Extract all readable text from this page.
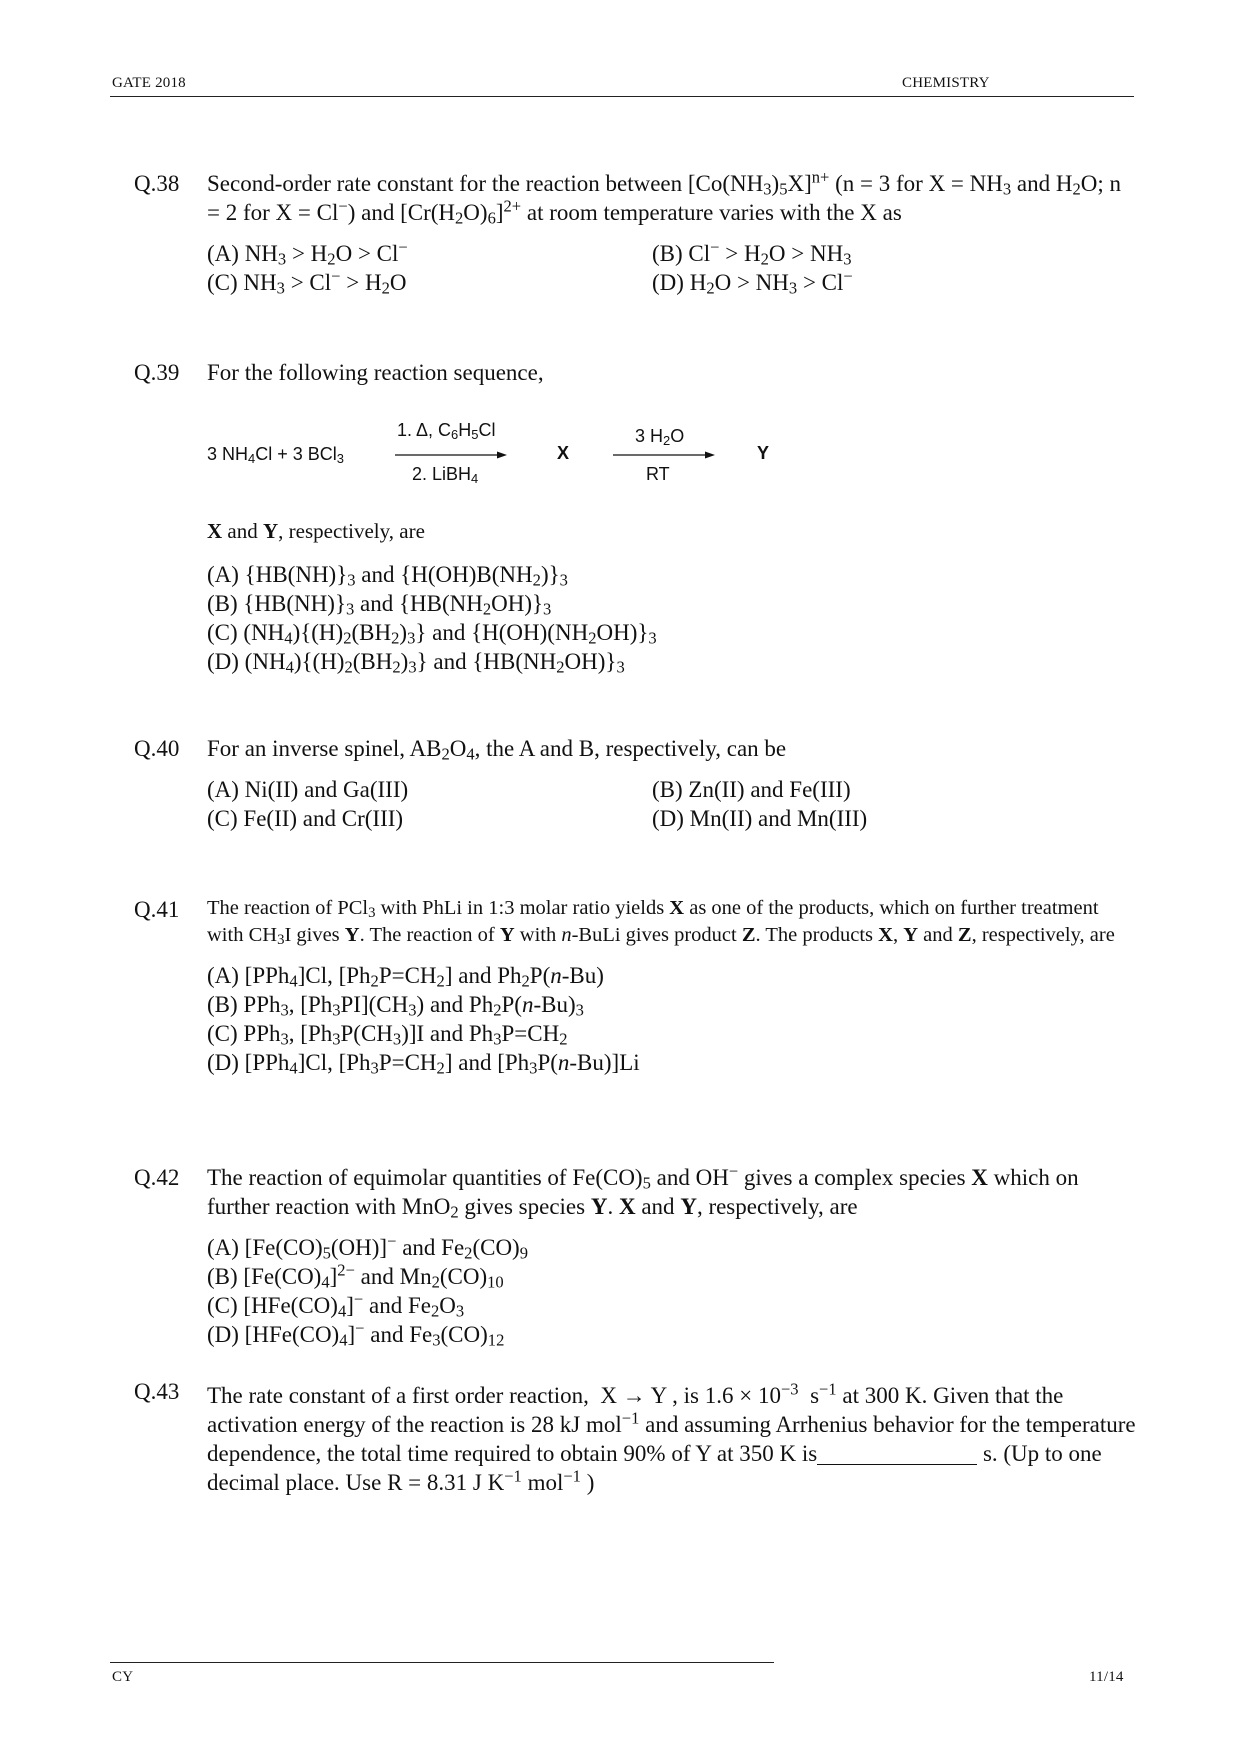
GATE 2018	CHEMISTRY
Q.38 Second-order rate constant for the reaction between $[Co(NH_3)_5X]^{n+}$ (n = 3 for $X = NH_3$ and $H_2O$; n = 2 for X = Cl−) and $[Cr(H_2O)_6]^{2+}$ at room temperature varies with the X as
(A) $NH_3 > H_2O > Cl^-$	(B) $Cl^- > H_2O > NH_3$
(C) $NH_3 > Cl^- > H_2O$	(D) $H_2O > NH_3 > Cl^-$
Q.39 For the following reaction sequence,
3 $NH_4Cl + 3$ BCl$_3$
1. Δ, $C_6H_5Cl$
2. LiBH$_4$
X
3 $H_2O$
RT
Y
X and Y, respectively, are
(A) $\{HB(NH)\}_3$ and $\{H(OH)B(NH_2)\}_3$
(B) $\{HB(NH)\}_3$ and $\{HB(NH_2OH)\}_3$
(C) $(NH_4)\{(H)_2(BH_2)_3\}$ and $\{H(OH)(NH_2OH)\}_3$
(D) $(NH_4)\{(H)_2(BH_2)_3\}$ and $\{HB(NH_2OH)\}_3$
Q.40 For an inverse spinel, $AB_2O_4$, the A and B, respectively, can be
(A) Ni(II) and Ga(III)	(B) Zn(II) and Fe(III)
(C) Fe(II) and Cr(III)	(D) Mn(II) and Mn(III)
Q.41 The reaction of PCl$_3$ with PhLi in 1:3 molar ratio yields X as one of the products, which on further treatment with $CH_3I$ gives Y. The reaction of Y with n-BuLi gives product Z. The products X, Y and Z, respectively, are
(A) [PPh$_4$]Cl, $[Ph_2P=CH_2]$ and $Ph_2P(n-Bu)$
(B) PPh$_3$, $[Ph_3PI](CH_3)$ and $Ph_2P(n-Bu)_3$
(C) PPh$_3$, $[Ph_3P(CH_3)]I$ and $Ph_3P=CH_2$
(D) [PPh$_4$]Cl, $[Ph_3P=CH_2]$ and $[Ph_3P(n-Bu)]Li$
Q.42 The reaction of equimolar quantities of $Fe(CO)_5$ and OH− gives a complex species X which on further reaction with MnO$_2$ gives species Y. X and Y, respectively, are
(A) $[Fe(CO)_5(OH)]^-$ and $Fe_2(CO)_9$
(B) $[Fe(CO)_4]^{2-}$ and $Mn_2(CO)_{10}$
(C) $[HFe(CO)_4]^-$ and $Fe_2O_3$
(D) $[HFe(CO)_4]^-$ and $Fe_3(CO)_{12}$
Q.43 The rate constant of a first order reaction,  X → Y , is $1.6 \times 10^{-3}$  $s^{-1}$ at 300 K. Given that the activation energy of the reaction is 28 kJ mol$^{-1}$ and assuming Arrhenius behavior for the temperature dependence, the total time required to obtain 90% of Y at 350 K is	s. (Up to one decimal place. Use R = 8.31 J $K^{-1}$ mol$^{-1}$ )
CY	11/14
